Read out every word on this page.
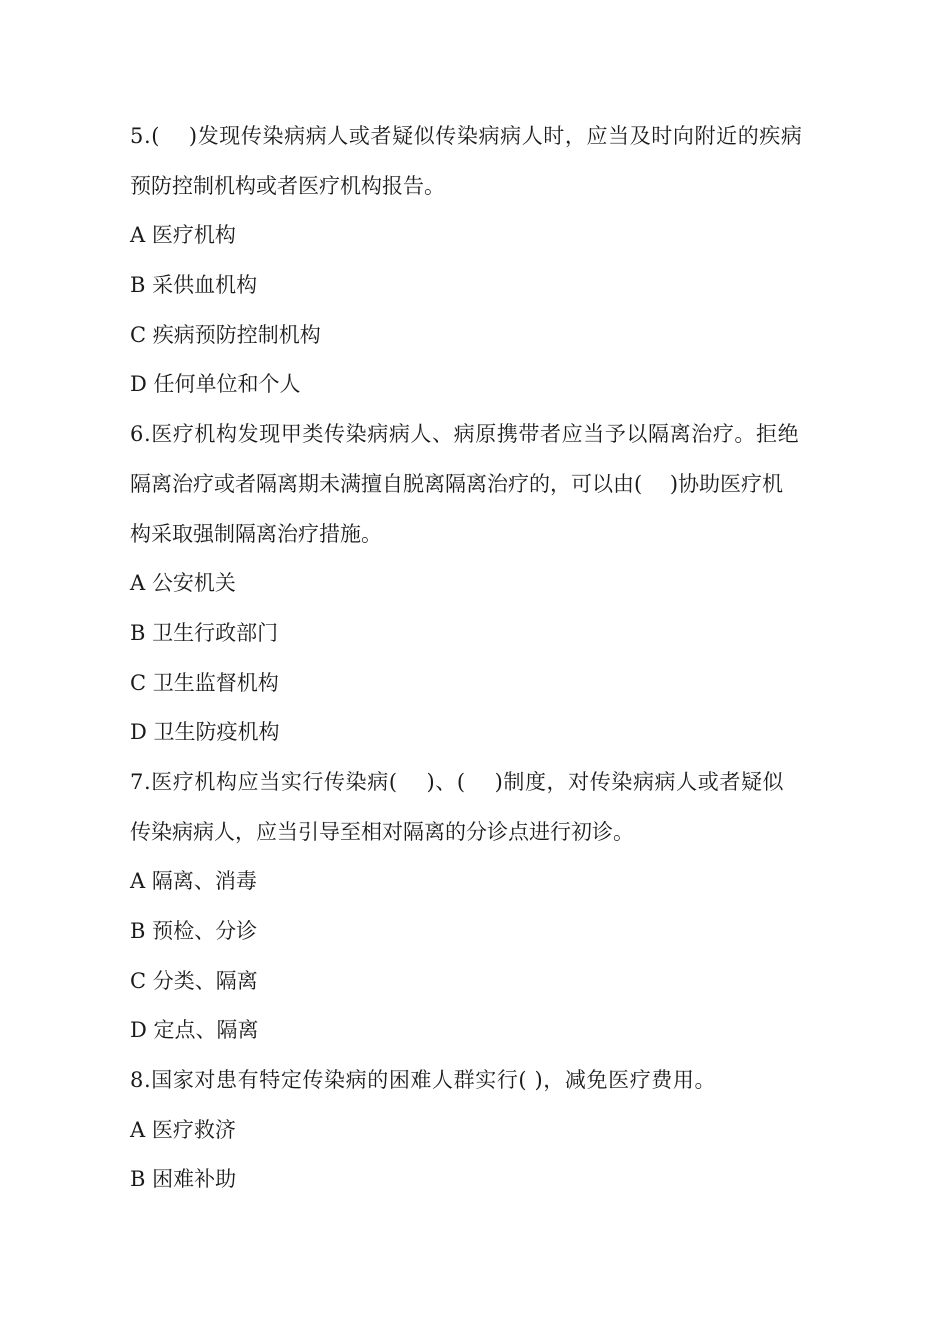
5.(　 )发现传染病病人或者疑似传染病病人时，应当及时向附近的疾病
预防控制机构或者医疗机构报告。
A 医疗机构
B 采供血机构
C 疾病预防控制机构
D 任何单位和个人
6.医疗机构发现甲类传染病病人、病原携带者应当予以隔离治疗。拒绝
隔离治疗或者隔离期未满擅自脱离隔离治疗的，可以由(　 )协助医疗机
构采取强制隔离治疗措施。
A 公安机关
B 卫生行政部门
C 卫生监督机构
D 卫生防疫机构
7.医疗机构应当实行传染病(　 )、(　 )制度，对传染病病人或者疑似
传染病病人，应当引导至相对隔离的分诊点进行初诊。
A 隔离、消毒
B 预检、分诊
C 分类、隔离
D 定点、隔离
8.国家对患有特定传染病的困难人群实行( )，减免医疗费用。
A 医疗救济
B 困难补助
